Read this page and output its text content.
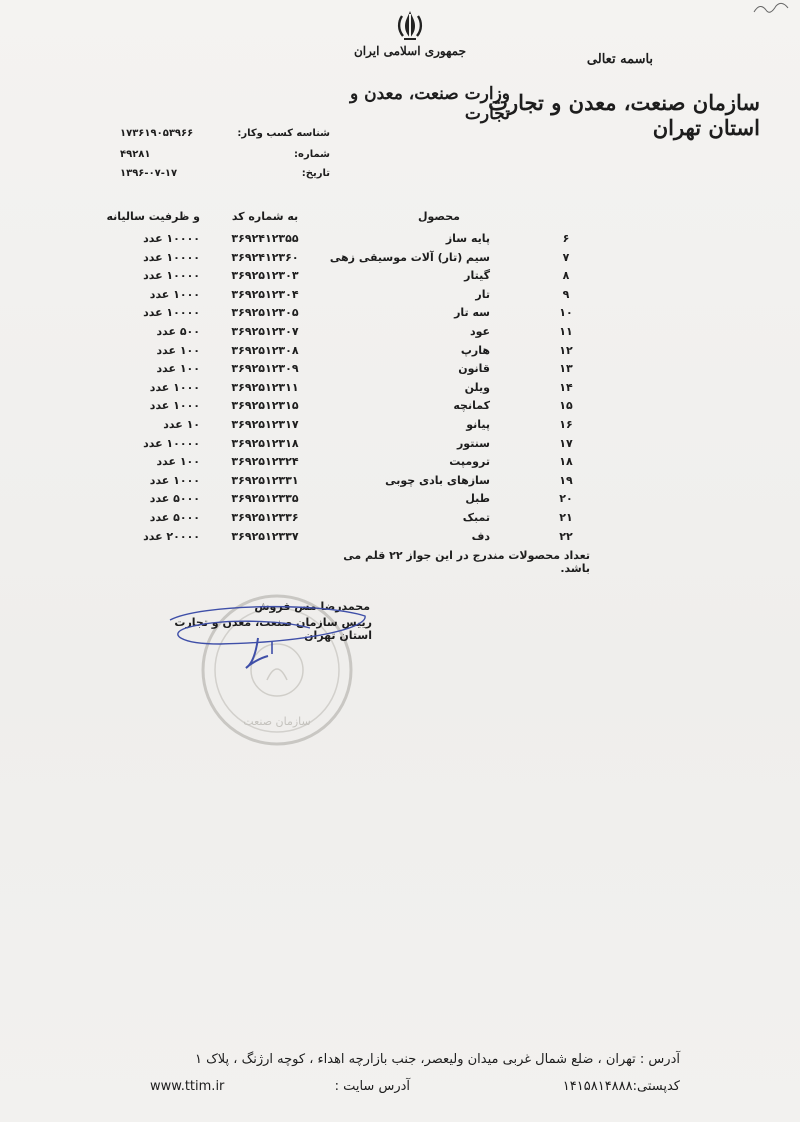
جمهوری اسلامی ایران
وزارت صنعت، معدن و تجارت
باسمه تعالی
سازمان صنعت، معدن و تجارت استان تهران
شناسه کسب وکار:
۱۷۳۶۱۹۰۵۳۹۶۶
شماره:
۴۹۲۸۱
تاریخ:
۱۳۹۶-۰۷-۱۷
محصول
به شماره کد
و ظرفیت سالیانه
۶
پایه ساز
۳۶۹۲۴۱۲۳۵۵
۱۰۰۰۰ عدد
۷
سیم (تار) آلات موسیقی زهی
۳۶۹۲۴۱۲۳۶۰
۱۰۰۰۰ عدد
۸
گیتار
۳۶۹۲۵۱۲۳۰۳
۱۰۰۰۰ عدد
۹
تار
۳۶۹۲۵۱۲۳۰۴
۱۰۰۰ عدد
۱۰
سه تار
۳۶۹۲۵۱۲۳۰۵
۱۰۰۰۰ عدد
۱۱
عود
۳۶۹۲۵۱۲۳۰۷
۵۰۰ عدد
۱۲
هارپ
۳۶۹۲۵۱۲۳۰۸
۱۰۰ عدد
۱۳
قانون
۳۶۹۲۵۱۲۳۰۹
۱۰۰ عدد
۱۴
ویلن
۳۶۹۲۵۱۲۳۱۱
۱۰۰۰ عدد
۱۵
کمانچه
۳۶۹۲۵۱۲۳۱۵
۱۰۰۰ عدد
۱۶
پیانو
۳۶۹۲۵۱۲۳۱۷
۱۰ عدد
۱۷
سنتور
۳۶۹۲۵۱۲۳۱۸
۱۰۰۰۰ عدد
۱۸
ترومپت
۳۶۹۲۵۱۲۳۲۴
۱۰۰ عدد
۱۹
سازهای بادی چوبی
۳۶۹۲۵۱۲۳۳۱
۱۰۰۰ عدد
۲۰
طبل
۳۶۹۲۵۱۲۳۳۵
۵۰۰۰ عدد
۲۱
تمبک
۳۶۹۲۵۱۲۳۳۶
۵۰۰۰ عدد
۲۲
دف
۳۶۹۲۵۱۲۳۳۷
۲۰۰۰۰ عدد
تعداد محصولات مندرج در این جواز ۲۲ قلم می باشد.
سازمان صنعت
محمدرضا مس فروش
رییس سازمان صنعت، معدن و تجارت استان تهران
آدرس : تهران ، ضلع شمال غربی میدان ولیعصر، جنب بازارچه اهداء ، کوچه ارژنگ ، پلاک ۱
کدپستی:۱۴۱۵۸۱۴۸۸۸
آدرس سایت :
www.ttim.ir
